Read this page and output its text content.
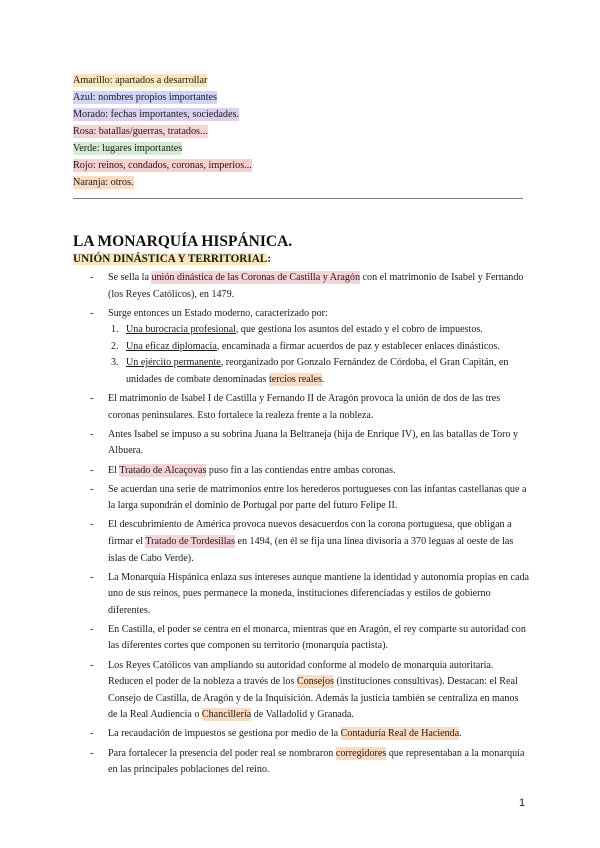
Amarillo: apartados a desarrollar
Azul: nombres propios importantes
Morado: fechas importantes, sociedades.
Rosa: batallas/guerras, tratados...
Verde: lugares importantes
Rojo: reinos, condados, coronas, imperios...
Naranja: otros.
LA MONARQUÍA HISPÁNICA.
UNIÓN DINÁSTICA Y TERRITORIAL:
- Se sella la unión dinástica de las Coronas de Castilla y Aragón con el matrimonio de Isabel y Fernando (los Reyes Católicos), en 1479.
- Surge entonces un Estado moderno, caracterizado por:
1. Una burocracia profesional, que gestiona los asuntos del estado y el cobro de impuestos.
2. Una eficaz diplomacia, encaminada a firmar acuerdos de paz y establecer enlaces dinásticos.
3. Un ejército permanente, reorganizado por Gonzalo Fernández de Córdoba, el Gran Capitán, en unidades de combate denominadas tercios reales.
- El matrimonio de Isabel I de Castilla y Fernando II de Aragón provoca la unión de dos de las tres coronas peninsulares. Esto fortalece la realeza frente a la nobleza.
- Antes Isabel se impuso a su sobrina Juana la Beltraneja (hija de Enrique IV), en las batallas de Toro y Albuera.
- El Tratado de Alcaçovas puso fin a las contiendas entre ambas coronas.
- Se acuerdan una serie de matrimonios entre los herederos portugueses con las infantas castellanas que a la larga supondrán el dominio de Portugal por parte del futuro Felipe II.
- El descubrimiento de América provoca nuevos desacuerdos con la corona portuguesa, que obligan a firmar el Tratado de Tordesillas en 1494, (en él se fija una línea divisoria a 370 leguas al oeste de las islas de Cabo Verde).
- La Monarquía Hispánica enlaza sus intereses aunque mantiene la identidad y autonomía propias en cada uno de sus reinos, pues permanece la moneda, instituciones diferenciadas y estilos de gobierno diferentes.
- En Castilla, el poder se centra en el monarca, mientras que en Aragón, el rey comparte su autoridad con las diferentes cortes que componen su territorio (monarquía pactista).
- Los Reyes Católicos van ampliando su autoridad conforme al modelo de monarquía autoritaria. Reducen el poder de la nobleza a través de los Consejos (instituciones consultivas). Destacan: el Real Consejo de Castilla, de Aragón y de la Inquisición. Además la justicia también se centraliza en manos de la Real Audiencia o Chancillería de Valladolid y Granada.
- La recaudación de impuestos se gestiona por medio de la Contaduría Real de Hacienda.
- Para fortalecer la presencia del poder real se nombraron corregidores que representaban a la monarquía en las principales poblaciones del reino.
1
